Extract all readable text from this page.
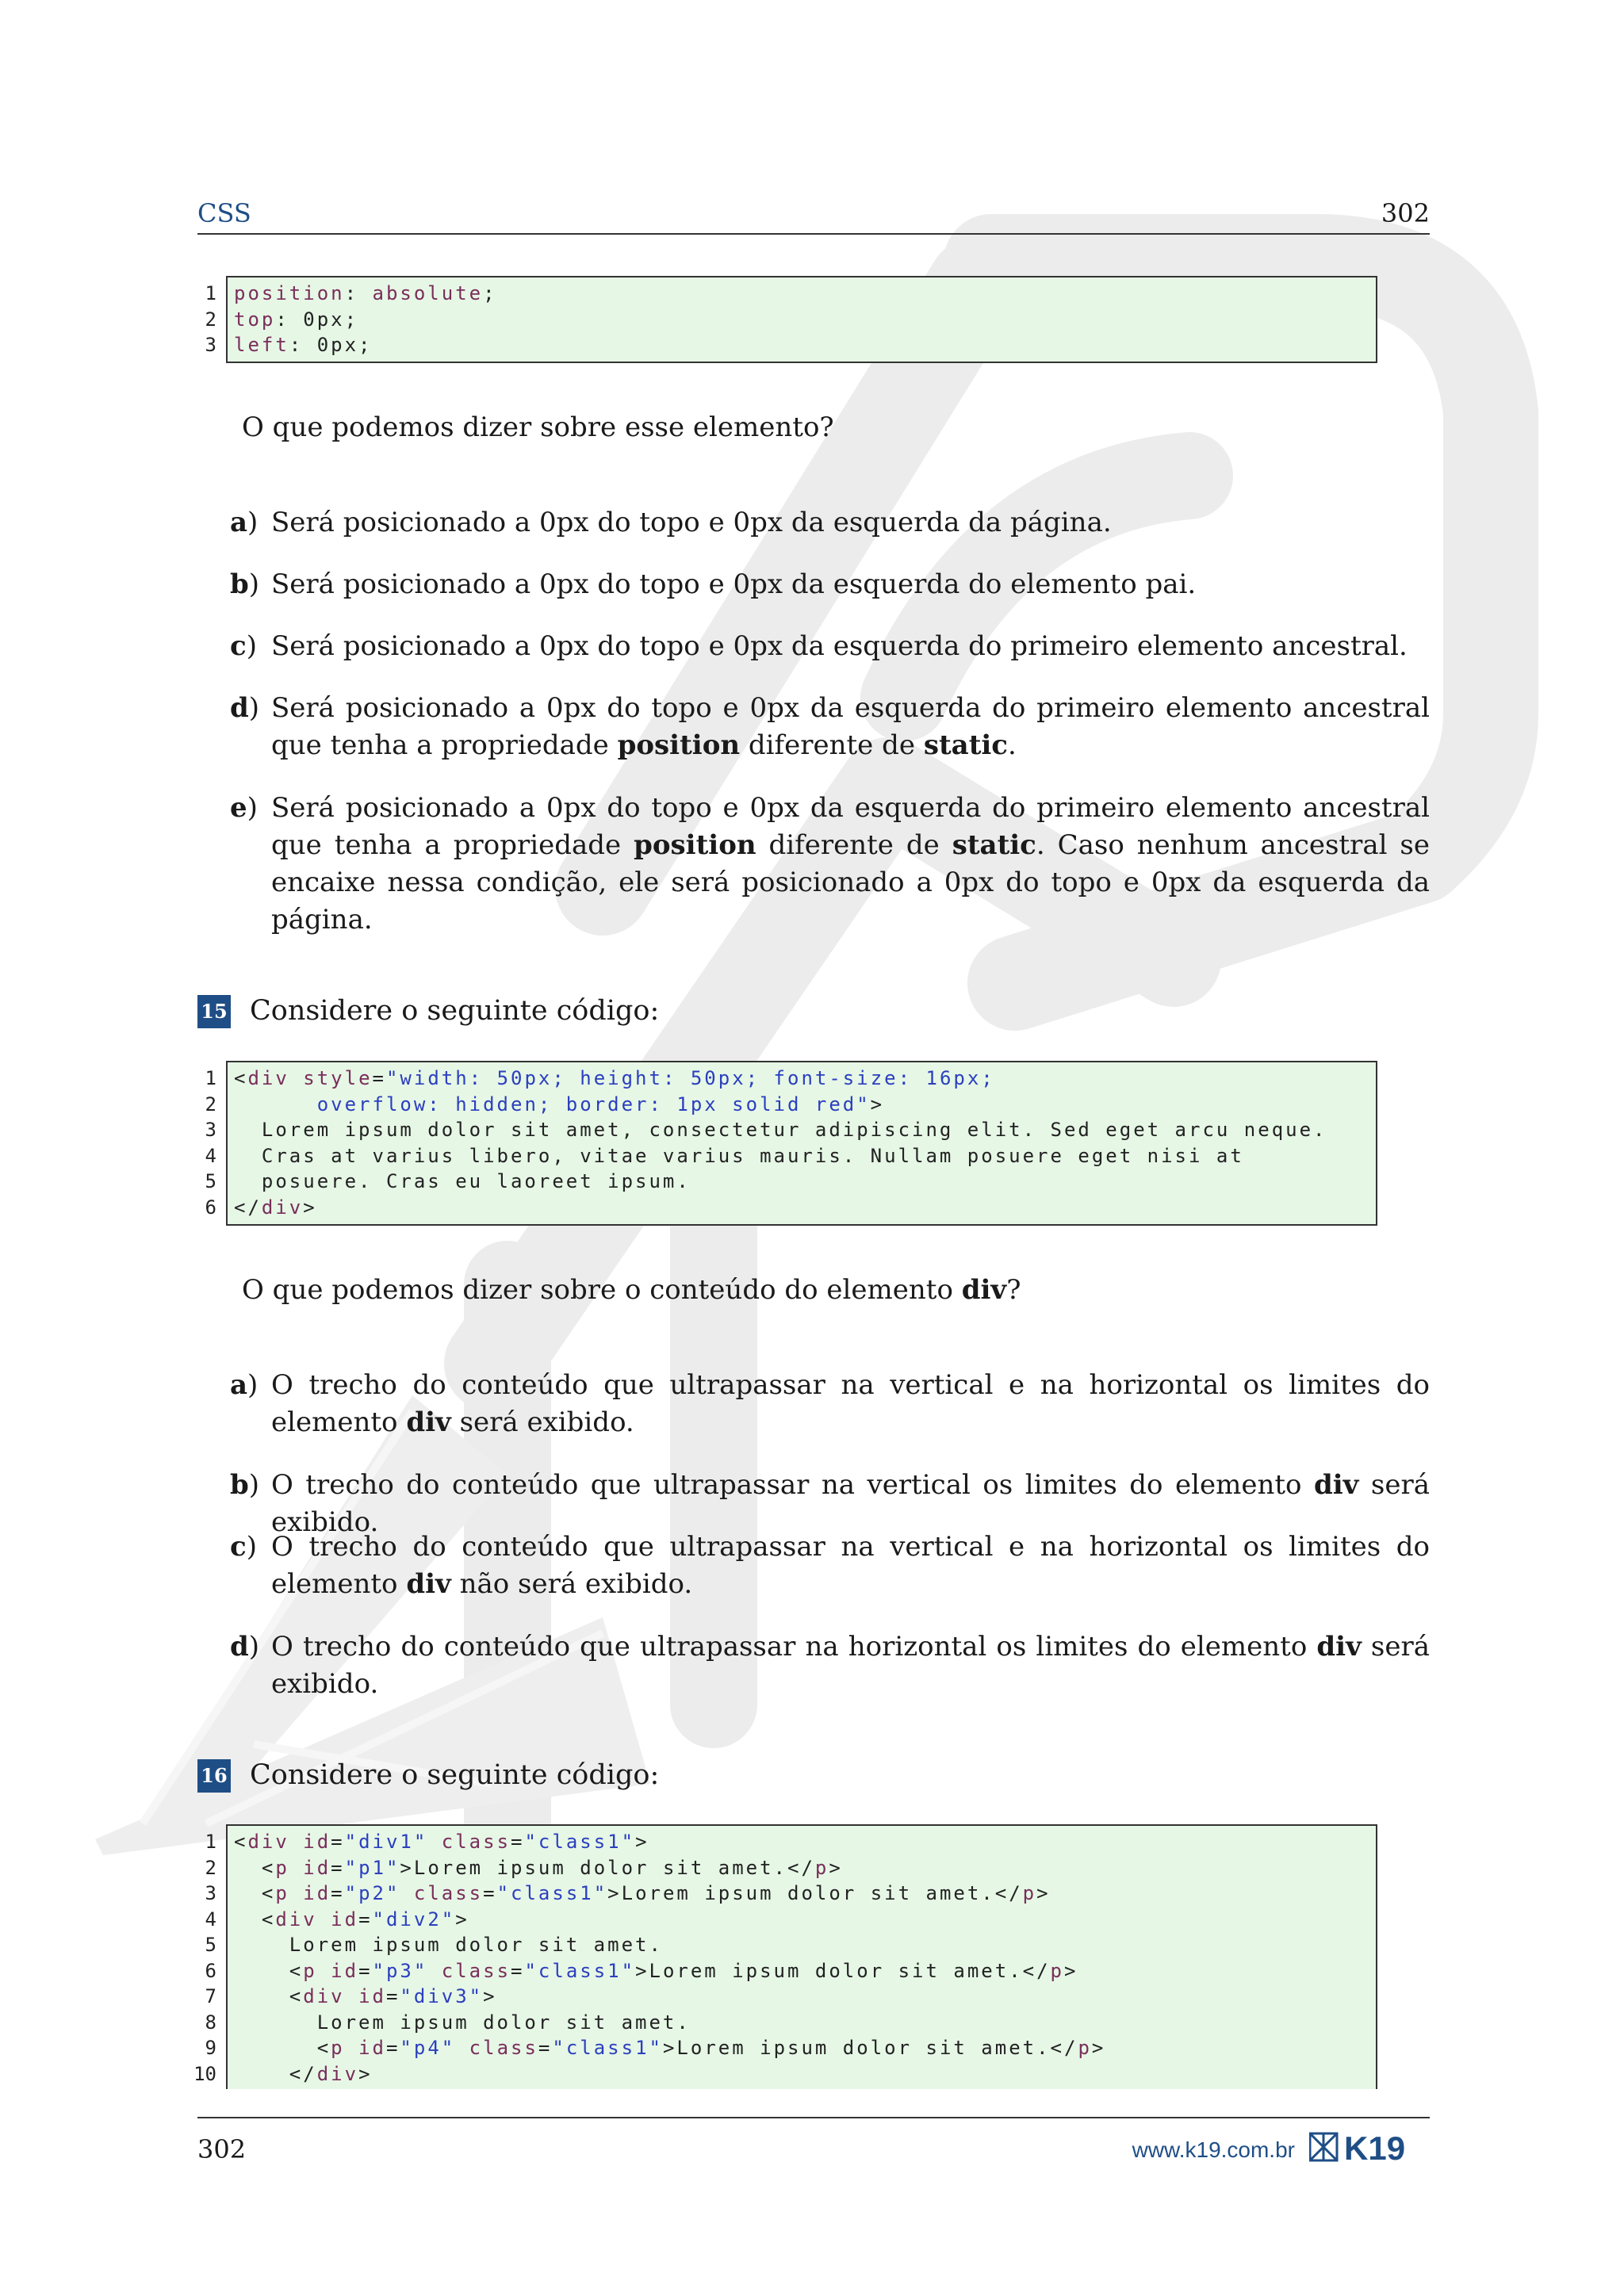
CSS	302
1 position: absolute;
2 top: 0px;
3 left: 0px;
O que podemos dizer sobre esse elemento?
a) Será posicionado a 0px do topo e 0px da esquerda da página.
b) Será posicionado a 0px do topo e 0px da esquerda do elemento pai.
c) Será posicionado a 0px do topo e 0px da esquerda do primeiro elemento ancestral.
d) Será posicionado a 0px do topo e 0px da esquerda do primeiro elemento ancestral que tenha a propriedade position diferente de static.
e) Será posicionado a 0px do topo e 0px da esquerda do primeiro elemento ancestral que tenha a propriedade position diferente de static. Caso nenhum ancestral se encaixe nessa condição, ele será posicionado a 0px do topo e 0px da esquerda da página.
15 Considere o seguinte código:
1 <div style="width: 50px; height: 50px; font-size: 16px;
2	overflow: hidden; border: 1px solid red">
3 Lorem ipsum dolor sit amet, consectetur adipiscing elit. Sed eget arcu neque.
4 Cras at varius libero, vitae varius mauris. Nullam posuere eget nisi at
5 posuere. Cras eu laoreet ipsum.
6 </div>
O que podemos dizer sobre o conteúdo do elemento div?
a) O trecho do conteúdo que ultrapassar na vertical e na horizontal os limites do elemento div será exibido.
b) O trecho do conteúdo que ultrapassar na vertical os limites do elemento div será exibido.
c) O trecho do conteúdo que ultrapassar na vertical e na horizontal os limites do elemento div não será exibido.
d) O trecho do conteúdo que ultrapassar na horizontal os limites do elemento div será exibido.
16 Considere o seguinte código:
1 <div id="div1" class="class1">
2 <p id="p1">Lorem ipsum dolor sit amet.</p>
3 <p id="p2" class="class1">Lorem ipsum dolor sit amet.</p>
4 <div id="div2">
5 Lorem ipsum dolor sit amet.
6 <p id="p3" class="class1">Lorem ipsum dolor sit amet.</p>
7 <div id="div3">
8 Lorem ipsum dolor sit amet.
9 <p id="p4" class="class1">Lorem ipsum dolor sit amet.</p>
10 </div>
302	www.k19.com.br K19
